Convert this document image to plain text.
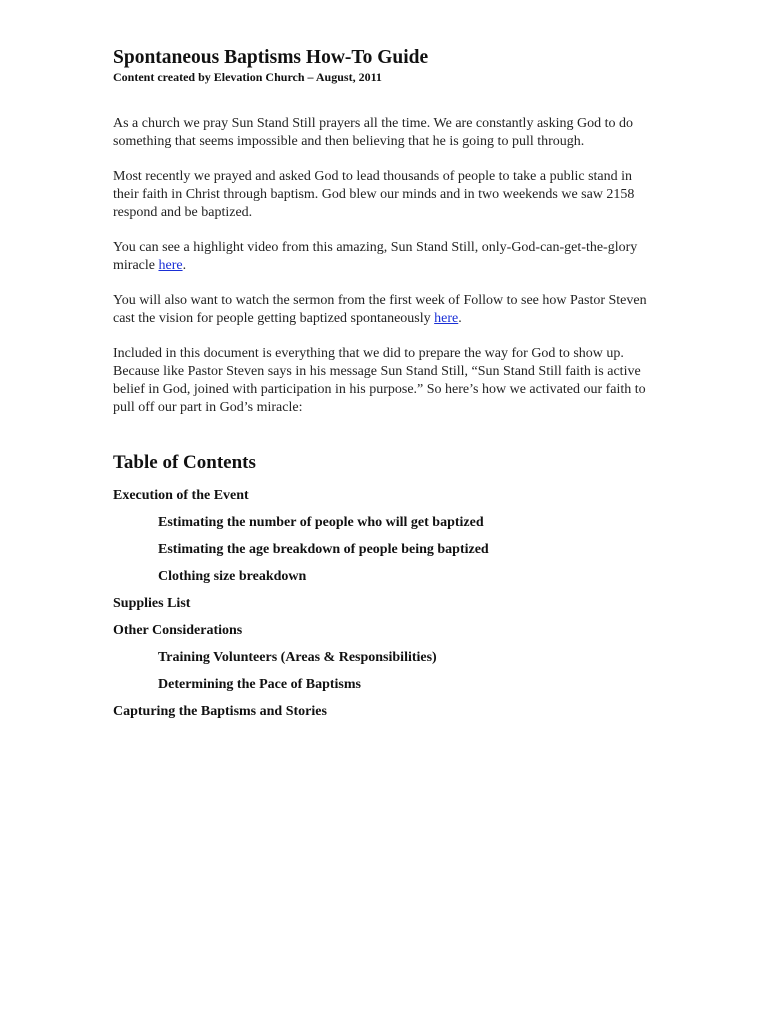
Spontaneous Baptisms How-To Guide

Content created by Elevation Church – August, 2011

As a church we pray Sun Stand Still prayers all the time. We are constantly asking God to do something that seems impossible and then believing that he is going to pull through.

Most recently we prayed and asked God to lead thousands of people to take a public stand in their faith in Christ through baptism. God blew our minds and in two weekends we saw 2158 respond and be baptized.

You can see a highlight video from this amazing, Sun Stand Still, only-God-can-get-the-glory miracle here.

You will also want to watch the sermon from the first week of Follow to see how Pastor Steven cast the vision for people getting baptized spontaneously here.

Included in this document is everything that we did to prepare the way for God to show up. Because like Pastor Steven says in his message Sun Stand Still, “Sun Stand Still faith is active belief in God, joined with participation in his purpose.” So here’s how we activated our faith to pull off our part in God’s miracle:

Table of Contents
Execution of the Event
Estimating the number of people who will get baptized
Estimating the age breakdown of people being baptized
Clothing size breakdown
Supplies List
Other Considerations
Training Volunteers (Areas & Responsibilities)
Determining the Pace of Baptisms
Capturing the Baptisms and Stories
